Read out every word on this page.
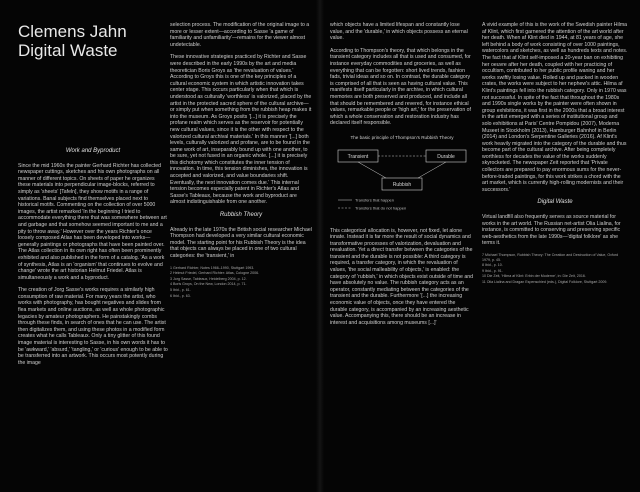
Clemens Jahn
Digital Waste
Work and Byproduct

Since the mid 1960s the painter Gerhard Richter has collected newspaper cuttings, sketches and his own photographs on all manner of different topics. On sheets of paper he organizes these materials into perpendicular image-blocks, referred to simply as 'sheets' [Tafeln], they show motifs in a range of variations. Banal subjects find themselves placed next to historical motifs. Commenting on the collection of over 5000 images, the artist remarked 'In the beginning I tried to accommodate everything there that was somewhere between art and garbage and that somehow seemed important to me and a pity to throw away.' However over the years Richter's once loosely composed Atlas has been developed into works—generally paintings or photographs that have been painted over. The Atlas collection in its own right has often been prominently exhibited and also published in the form of a catalog. 'As a work of synthesis, Atlas is an 'organism' that continues to evolve and change' wrote the art historian Helmut Friedel. Atlas is simultaneously a work and a byproduct.

The creation of Jorg Sasse's works requires a similarly high consumption of raw material. For many years the artist, who works with photography, has bought negatives and slides from flea markets and online auctions, as well as whole photographic legacies by amateur photographers. He painstakingly combs through these finds, in search of ones that he can use. The artist then digitalizes them, and using these photos in a modified form creates what he calls Tableaux. Only a tiny glitter of this found image material is interesting to Sasse, in his own words it has to be 'awkward,' 'absurd,' 'tangling,' or 'curious' enough to be able to be transferred into an artwork. This occurs most potently during the image

selection process. The modification of the original image to a more or lesser extent—according to Sasse 'a game of familiarity and unfamiliarity'—remains for the viewer almost undetectable.

These innovative strategies practiced by Richter and Sasse were described in the early 1990s by the art and media theoretician Boris Groys as 'the revaluation of values.' According to Groys this is one of the key principles of a cultural economic system in which artistic innovation takes center stage. This occurs particularly when that which is understood as culturally 'worthless' is valorized, placed by the artist in the protected sacred sphere of the cultural archive—or simply put when something from the rubbish heap makes it into the museum. As Groys posits '[...] it is precisely the profane realm which serves as the reservoir for potentially new cultural values, since it is the other with respect to the valorized cultural archival materials.' In this manner '[...] both levels, culturally valorized and profane, are to be found in the same work of art, inseparably bound up with one another, to be sure, yet not fused in an organic whole. [...] it is precisely this dichotomy which constitutes the inner tension of innovation. In time, this tension diminishes, the innovation is accepted and valorized, and value boundaries shift. Eventually, the next innovation comes due.' This internal tension becomes especially patent in Richter's Atlas and Sasse's Tableaux, because the work and byproduct are almost indistinguishable from one another.

Rubbish Theory

Already in the late 1970s the British social researcher Michael Thompson had developed a very similar cultural economic model. The starting point for his Rubbish Theory is the idea that objects can always be placed in one of two cultural categories: the 'transient,' in

1 Gerhard Richter, Notes 1966–1990, Stuttgart 1993.
2 Helmut Friedel, Gerhard Richter: Atlas, Cologne 2006.
3 Jorg Sasse, Tableaux, Heidelberg 2004, p. 12.
4 Boris Groys, On the New, London 2014, p. 71.
5 Ibid., p. 61.
6 Ibid., p. 63.

which objects have a limited lifespan and constantly lose value, and the 'durable,' in which objects possess an eternal value.

According to Thompson's theory, that which belongs in the transient category includes all that is used and consumed, for instance everyday commodities and groceries, as well as everything that can be forgotten: short lived trends, fashion fads, trivial ideas and so on. In contrast, the durable category is comprised of all that is seen as having cultural value. This manifests itself particularly in the archive, in which cultural memories are both preserved and produced, and include all that should be remembered and revered, for instance ethical values, remarkable people or 'high art,' for the preservation of which a whole conservation and restoration industry has declared itself responsible.

The basic principle of Thompson's Rubbish Theory
Transient	Durable
Rubbish
Transfers that happen
Transfers that do not happen

This categorical allocation is, however, not fixed, let alone innate. Instead it is far more the result of social dynamics and transformative processes of valorization, devaluation and revaluation. Yet a direct transfer between the categories of the transient and the durable is not possible: A third category is required, a transfer category, in which the revaluation of values, 'the social malleability of objects,' is enabled: the category of 'rubbish,' in which objects exist outside of time and have absolutely no value. The rubbish category acts as an operator, constantly mediating between the categories of the transient and the durable. Furthermore '[...] the increasing economic value of objects, once they have entered the durable category, is accompanied by an increasing aesthetic value. Accompanying this, there should be an increase in interest and acquisitions among museums [...]'

A vivid example of this is the work of the Swedish painter Hilma af Klint, which first garnered the attention of the art world after her death. When af Klint died in 1944, at 81 years of age, she left behind a body of work consisting of over 1000 paintings, watercolors and sketches, as well as hundreds texts and notes. The fact that af Klint self-imposed a 20-year ban on exhibiting her oeuvre after her death, coupled with her practicing of occultism, contributed to her public profile waning and her works swiftly losing value. Rolled up and packed in wooden crates, the works were subject to her nephew's attic. Hilma af Klint's paintings fell into the rubbish category. Only in 1970 was not successful. In spite of the fact that throughout the 1980s and 1990s single works by the painter were often shown in group exhibitions, it was first in the 2000s that a broad interest in the artist emerged with a series of institutional group and solo exhibitions at Paris' Centre Pompidou (2007), Moderna Museet in Stockholm (2013), Hamburger Bahnhof in Berlin (2014) and London's Serpentine Galleries (2016). Af Klint's work heavily migrated into the category of the durable and thus become part of the cultural archive. After being completely worthless for decades the value of the works suddenly skyrocketed. The newspaper Zeit reported that 'Private collectors are prepared to pay enormous sums for the never-before-traded paintings, for this work strikes a chord with the art market, which is currently high-rolling modernists and their successors.'

Digital Waste

Virtual landfill also frequently serves as source material for works in the art world. The Russian net-artist Olia Lialina, for instance, is committed to conserving and preserving specific web-aesthetics from the late 1990s—'digital folklore' as she terms it.

7 Michael Thompson, Rubbish Theory: The Creation and Destruction of Value, Oxford 1979, p. 45.
8 Ibid., p. 10.
9 Ibid., p. 91.
10 Die Zeit, 'Hilma af Klint: Erbin der Moderne', in: Die Zeit, 2016.
11 Olia Lialina and Dragan Espenschied (eds.), Digital Folklore, Stuttgart 2009.
